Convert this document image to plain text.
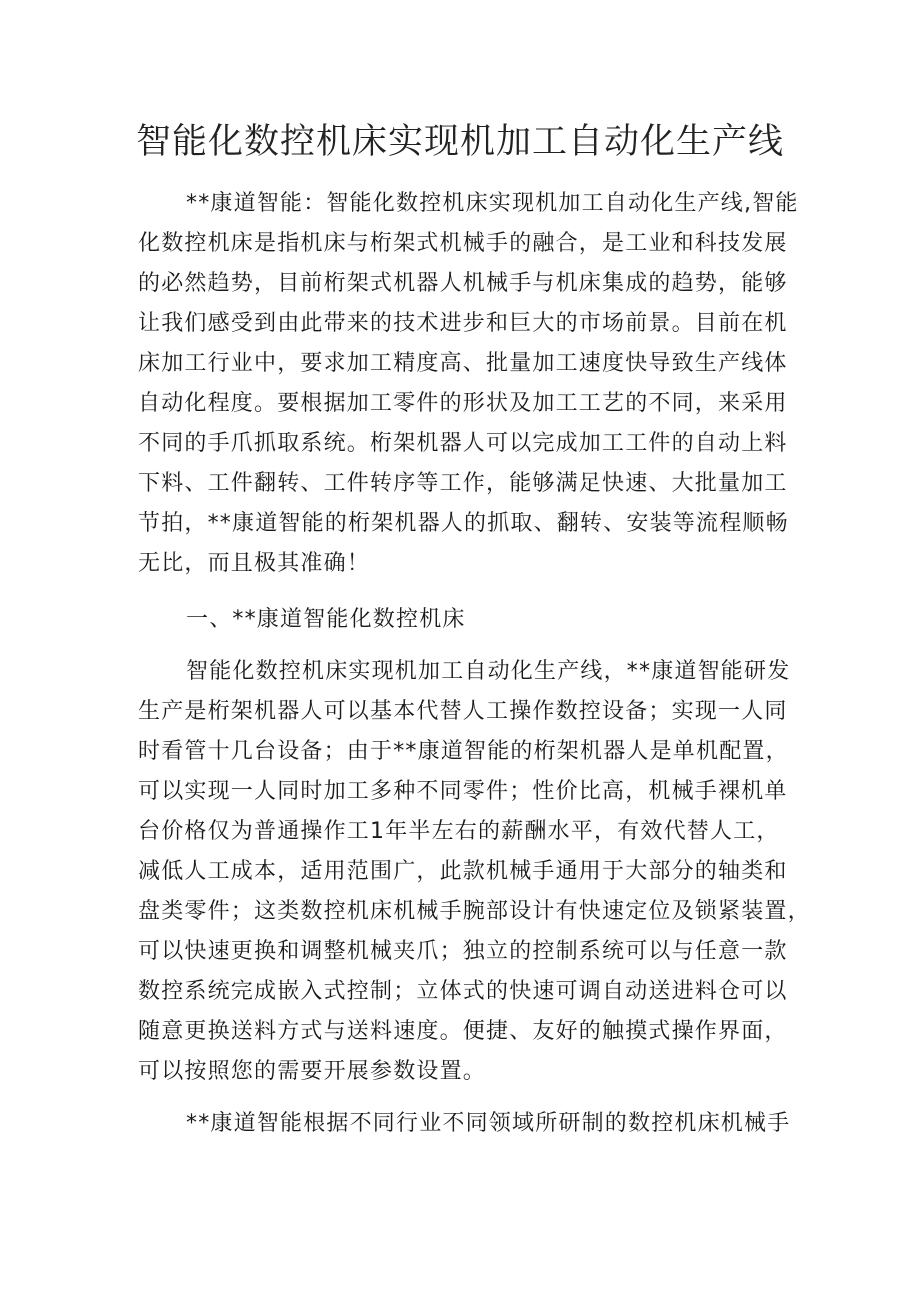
智能化数控机床实现机加工自动化生产线

**康道智能：智能化数控机床实现机加工自动化生产线,智能
化数控机床是指机床与桁架式机械手的融合，是工业和科技发展
的必然趋势，目前桁架式机器人机械手与机床集成的趋势，能够
让我们感受到由此带来的技术进步和巨大的市场前景。目前在机
床加工行业中，要求加工精度高、批量加工速度快导致生产线体
自动化程度。要根据加工零件的形状及加工工艺的不同，来采用
不同的手爪抓取系统。桁架机器人可以完成加工工件的自动上料
下料、工件翻转、工件转序等工作，能够满足快速、大批量加工
节拍，**康道智能的桁架机器人的抓取、翻转、安装等流程顺畅
无比，而且极其准确！

一、**康道智能化数控机床

智能化数控机床实现机加工自动化生产线，**康道智能研发
生产是桁架机器人可以基本代替人工操作数控设备；实现一人同
时看管十几台设备；由于**康道智能的桁架机器人是单机配置，
可以实现一人同时加工多种不同零件；性价比高，机械手裸机单
台价格仅为普通操作工1年半左右的薪酬水平，有效代替人工，
减低人工成本，适用范围广，此款机械手通用于大部分的轴类和
盘类零件；这类数控机床机械手腕部设计有快速定位及锁紧装置，
可以快速更换和调整机械夹爪；独立的控制系统可以与任意一款
数控系统完成嵌入式控制；立体式的快速可调自动送进料仓可以
随意更换送料方式与送料速度。便捷、友好的触摸式操作界面，
可以按照您的需要开展参数设置。

**康道智能根据不同行业不同领域所研制的数控机床机械手
